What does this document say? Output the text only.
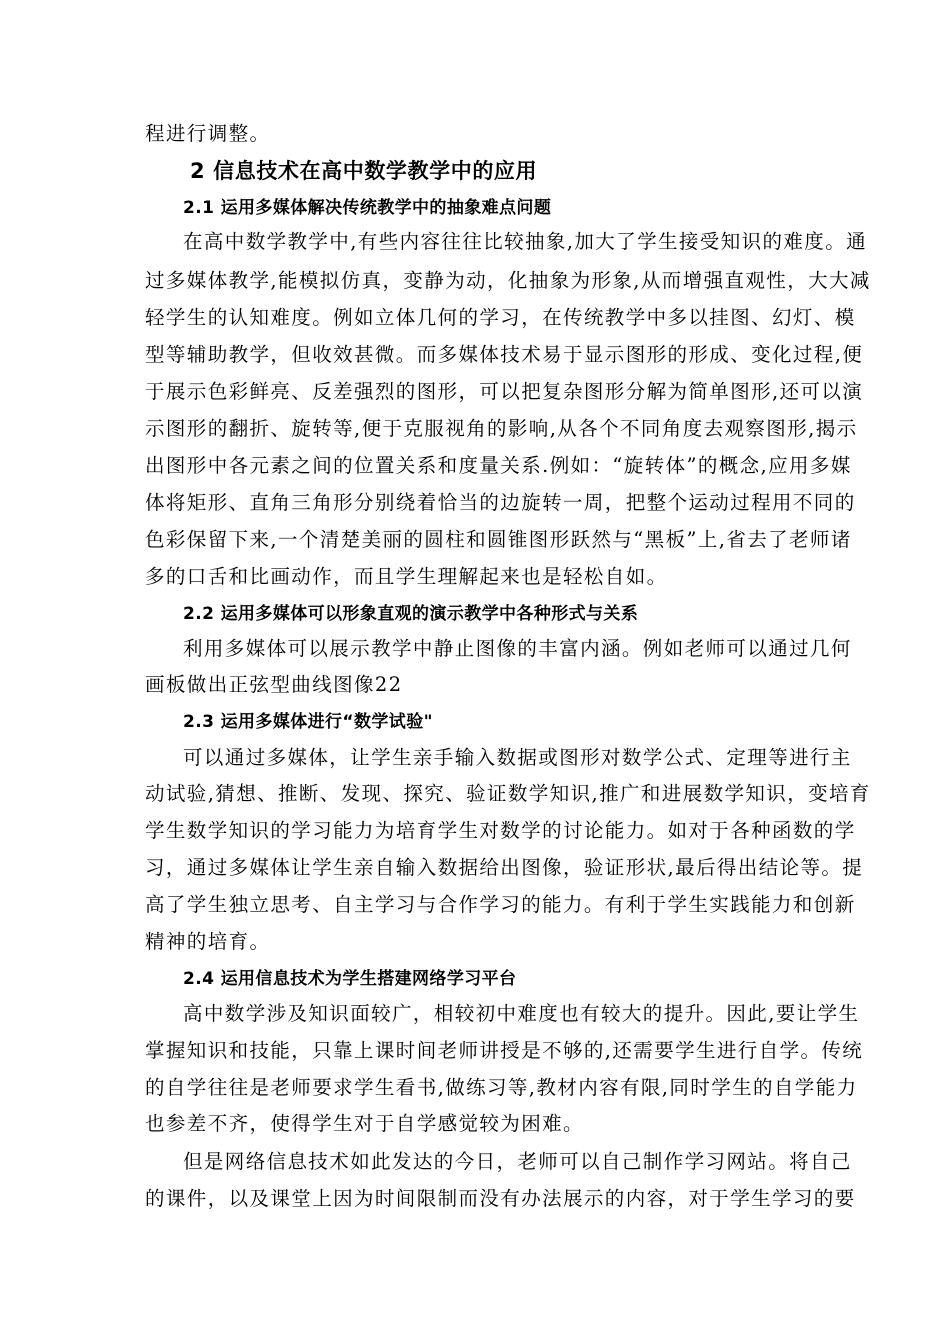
程进行调整。
2 信息技术在高中数学教学中的应用
2.1 运用多媒体解决传统教学中的抽象难点问题
在高中数学教学中,有些内容往往比较抽象,加大了学生接受知识的难度。通
过多媒体教学,能模拟仿真，变静为动，化抽象为形象,从而增强直观性，大大减
轻学生的认知难度。例如立体几何的学习，在传统教学中多以挂图、幻灯、模
型等辅助教学，但收效甚微。而多媒体技术易于显示图形的形成、变化过程,便
于展示色彩鲜亮、反差强烈的图形，可以把复杂图形分解为简单图形,还可以演
示图形的翻折、旋转等,便于克服视角的影响,从各个不同角度去观察图形,揭示
出图形中各元素之间的位置关系和度量关系.例如：“旋转体”的概念,应用多媒
体将矩形、直角三角形分别绕着恰当的边旋转一周，把整个运动过程用不同的
色彩保留下来,一个清楚美丽的圆柱和圆锥图形跃然与“黑板”上,省去了老师诸
多的口舌和比画动作，而且学生理解起来也是轻松自如。
2.2 运用多媒体可以形象直观的演示教学中各种形式与关系
利用多媒体可以展示教学中静止图像的丰富内涵。例如老师可以通过几何
画板做出正弦型曲线图像22
2.3 运用多媒体进行“数学试验"
可以通过多媒体，让学生亲手输入数据或图形对数学公式、定理等进行主
动试验,猜想、推断、发现、探究、验证数学知识,推广和进展数学知识，变培育
学生数学知识的学习能力为培育学生对数学的讨论能力。如对于各种函数的学
习，通过多媒体让学生亲自输入数据给出图像，验证形状,最后得出结论等。提
高了学生独立思考、自主学习与合作学习的能力。有利于学生实践能力和创新
精神的培育。
2.4 运用信息技术为学生搭建网络学习平台
高中数学涉及知识面较广，相较初中难度也有较大的提升。因此,要让学生
掌握知识和技能，只靠上课时间老师讲授是不够的,还需要学生进行自学。传统
的自学往往是老师要求学生看书,做练习等,教材内容有限,同时学生的自学能力
也参差不齐，使得学生对于自学感觉较为困难。
但是网络信息技术如此发达的今日，老师可以自己制作学习网站。将自己
的课件，以及课堂上因为时间限制而没有办法展示的内容，对于学生学习的要
